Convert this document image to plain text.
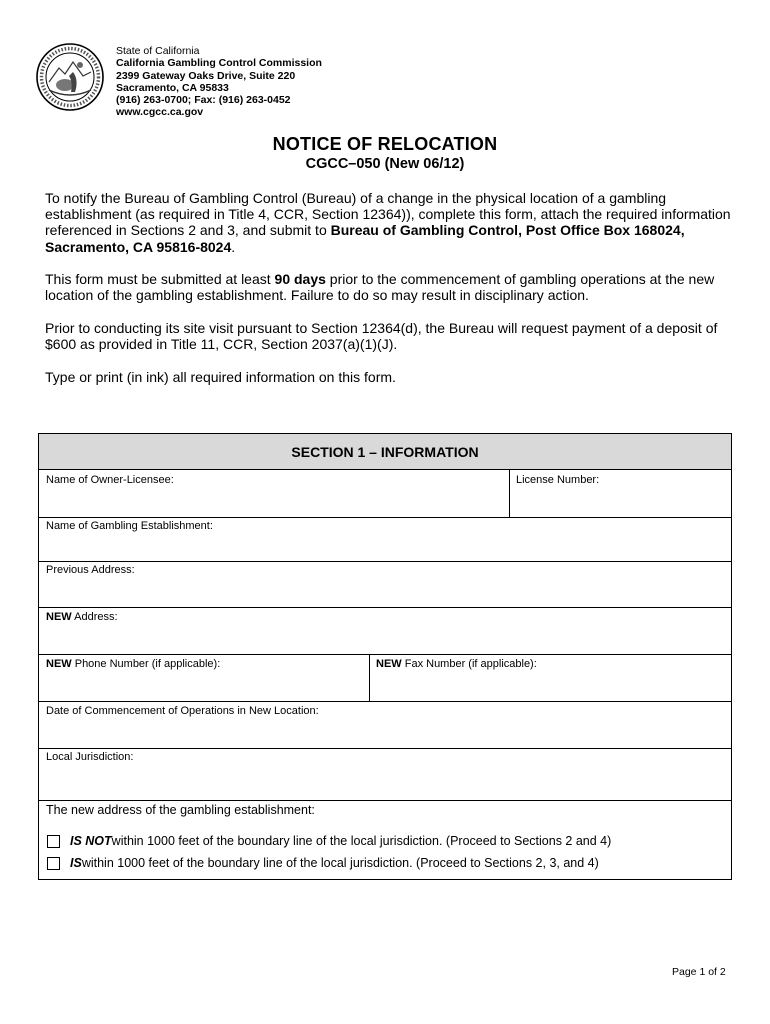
State of California
California Gambling Control Commission
2399 Gateway Oaks Drive, Suite 220
Sacramento, CA 95833
(916) 263-0700; Fax: (916) 263-0452
www.cgcc.ca.gov
NOTICE OF RELOCATION
CGCC–050 (New 06/12)

To notify the Bureau of Gambling Control (Bureau) of a change in the physical location of a gambling establishment (as required in Title 4, CCR, Section 12364)), complete this form, attach the required information referenced in Sections 2 and 3, and submit to Bureau of Gambling Control, Post Office Box 168024, Sacramento, CA 95816-8024.

This form must be submitted at least 90 days prior to the commencement of gambling operations at the new location of the gambling establishment. Failure to do so may result in disciplinary action.

Prior to conducting its site visit pursuant to Section 12364(d), the Bureau will request payment of a deposit of $600 as provided in Title 11, CCR, Section 2037(a)(1)(J).

Type or print (in ink) all required information on this form.

SECTION 1 – INFORMATION
Name of Owner-Licensee:	License Number:
Name of Gambling Establishment:
Previous Address:
NEW Address:
NEW Phone Number (if applicable):	NEW Fax Number (if applicable):
Date of Commencement of Operations in New Location:
Local Jurisdiction:
The new address of the gambling establishment:
IS NOT within 1000 feet of the boundary line of the local jurisdiction. (Proceed to Sections 2 and 4)
IS within 1000 feet of the boundary line of the local jurisdiction. (Proceed to Sections 2, 3, and 4)
Page 1 of 2
